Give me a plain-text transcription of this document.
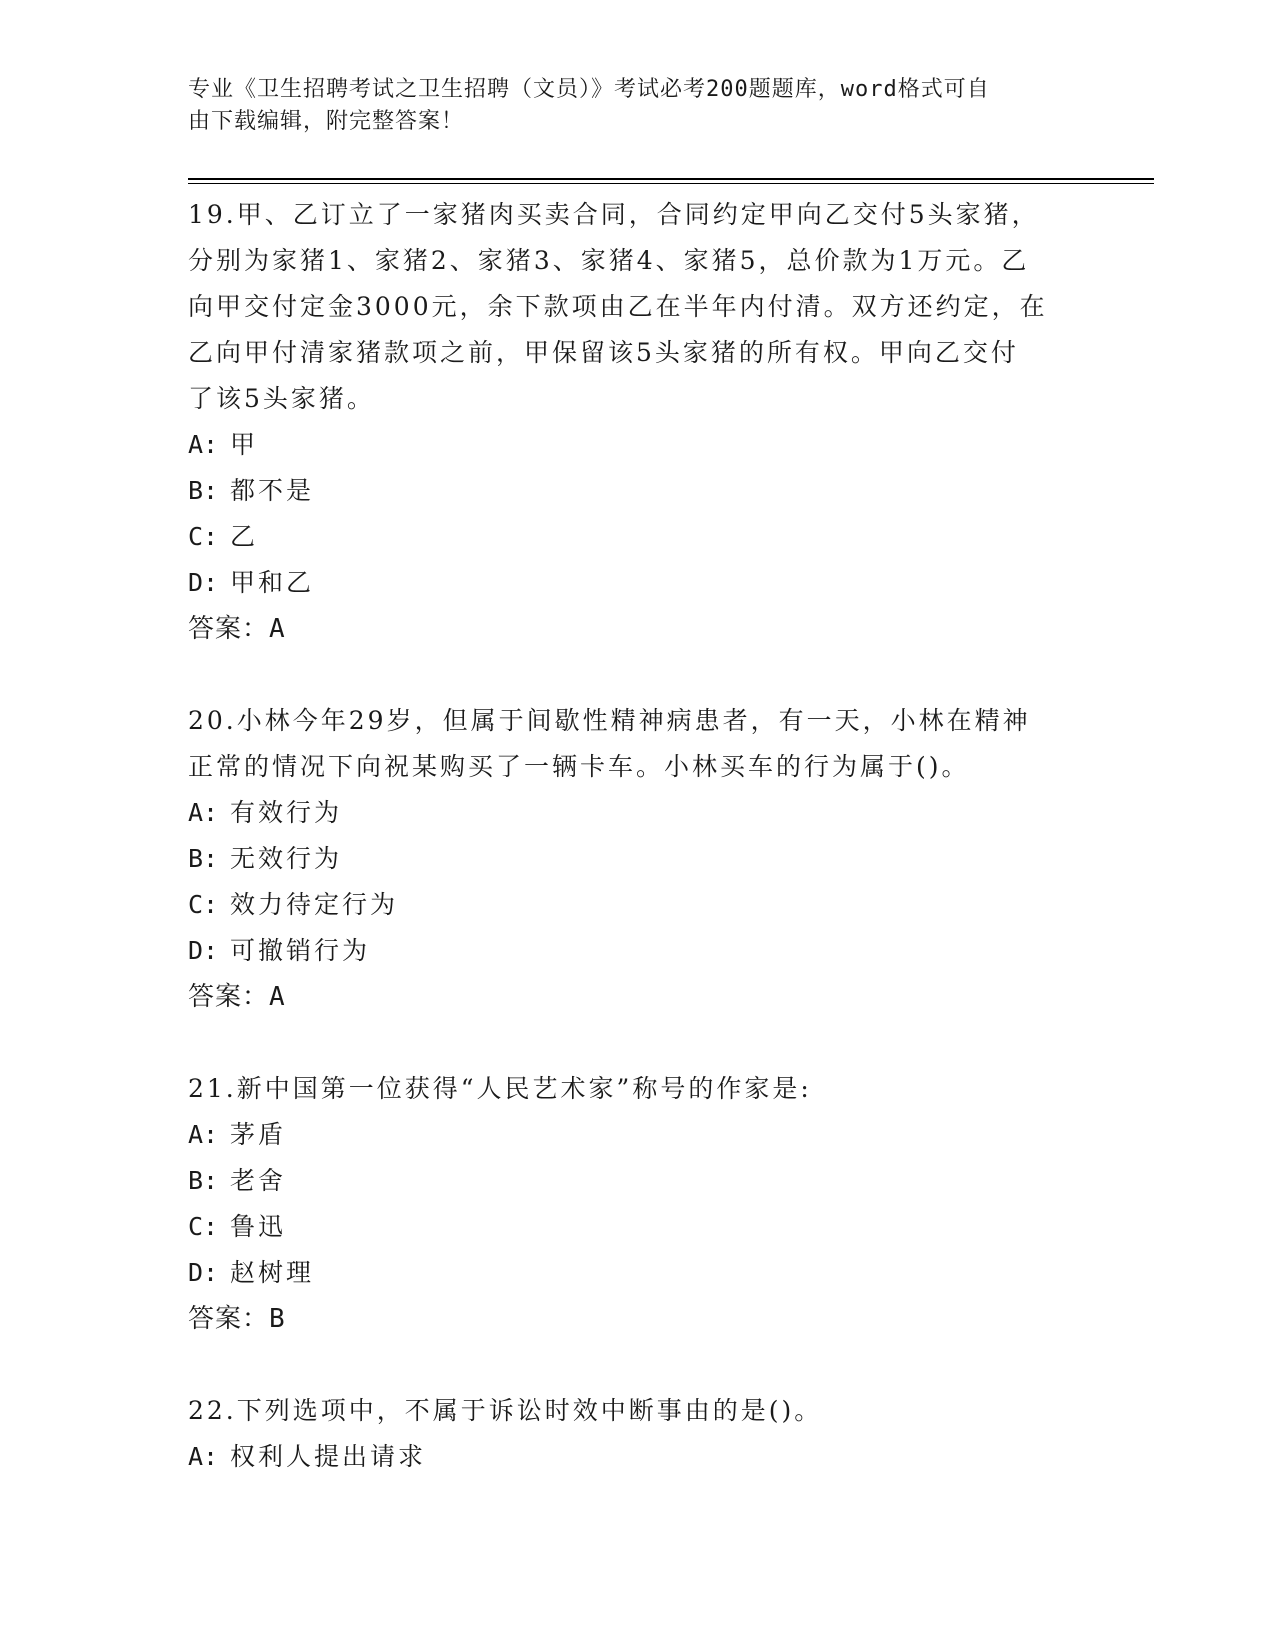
专业《卫生招聘考试之卫生招聘（文员）》考试必考200题题库，word格式可自
由下载编辑，附完整答案！
19.甲、乙订立了一家猪肉买卖合同，合同约定甲向乙交付5头家猪，
分别为家猪1、家猪2、家猪3、家猪4、家猪5，总价款为1万元。乙
向甲交付定金3000元，余下款项由乙在半年内付清。双方还约定，在
乙向甲付清家猪款项之前，甲保留该5头家猪的所有权。甲向乙交付
了该5头家猪。
A: 甲
B: 都不是
C: 乙
D: 甲和乙
答案：A
20.小林今年29岁，但属于间歇性精神病患者，有一天，小林在精神
正常的情况下向祝某购买了一辆卡车。小林买车的行为属于()。
A: 有效行为
B: 无效行为
C: 效力待定行为
D: 可撤销行为
答案：A
21.新中国第一位获得“人民艺术家”称号的作家是:
A: 茅盾
B: 老舍
C: 鲁迅
D: 赵树理
答案：B
22.下列选项中，不属于诉讼时效中断事由的是()。
A: 权利人提出请求
